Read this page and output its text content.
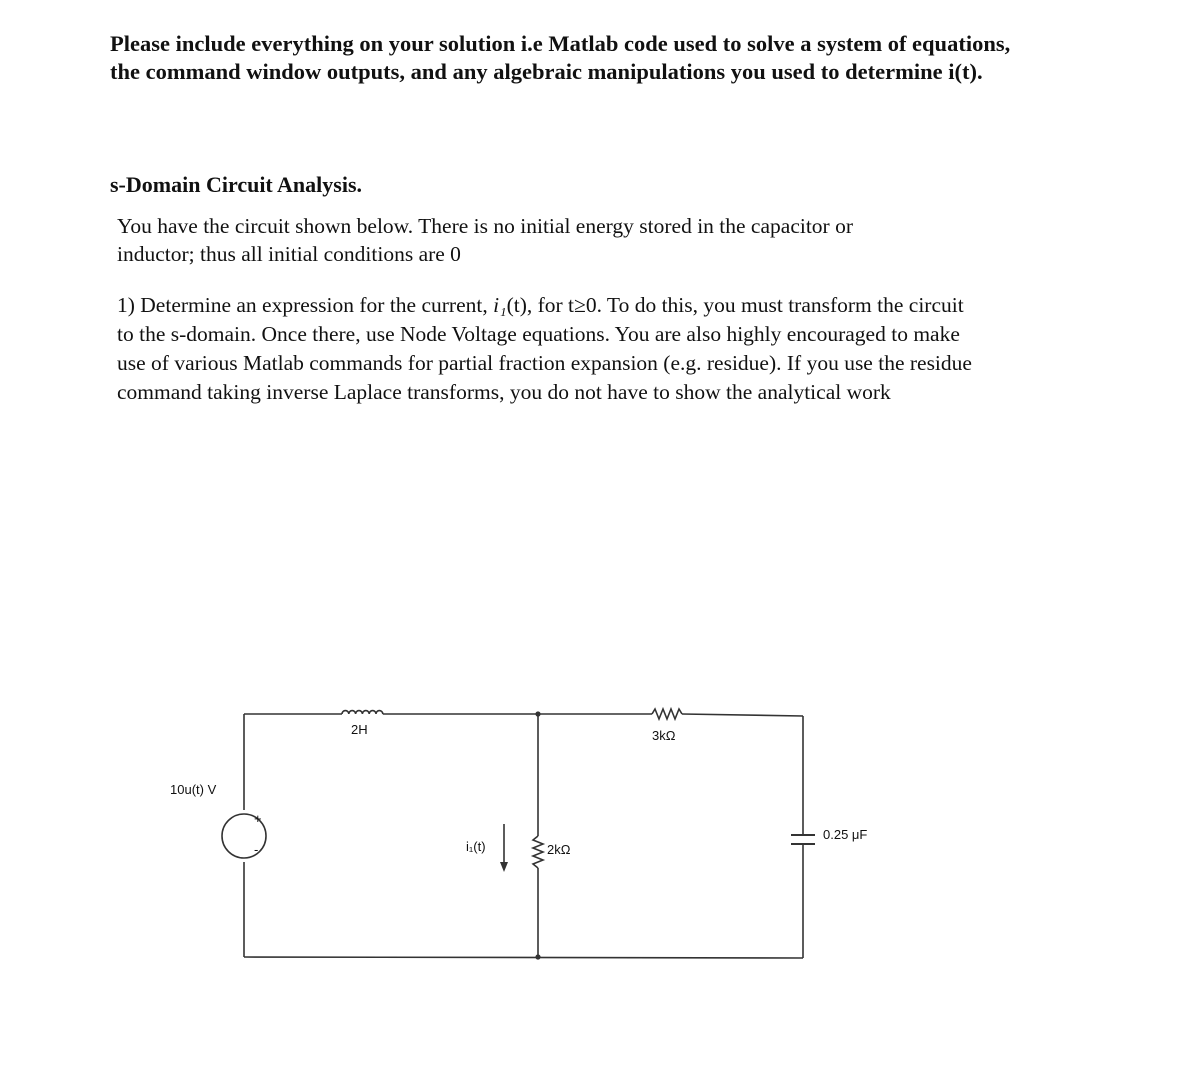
Please include everything on your solution i.e Matlab code used to solve a system of equations,
the command window outputs, and any algebraic manipulations you used to determine i(t).
s-Domain Circuit Analysis.
You have the circuit shown below. There is no initial energy stored in the capacitor or
inductor; thus all initial conditions are 0
1) Determine an expression for the current, i₁(t), for t≥0. To do this, you must transform the circuit
to the s-domain. Once there, use Node Voltage equations. You are also highly encouraged to make
use of various Matlab commands for partial fraction expansion (e.g. residue). If you use the residue
command taking inverse Laplace transforms, you do not have to show the analytical work
+
-
10u(t) V
2H	3kΩ
2kΩ
i₁(t)
0.25 μF
